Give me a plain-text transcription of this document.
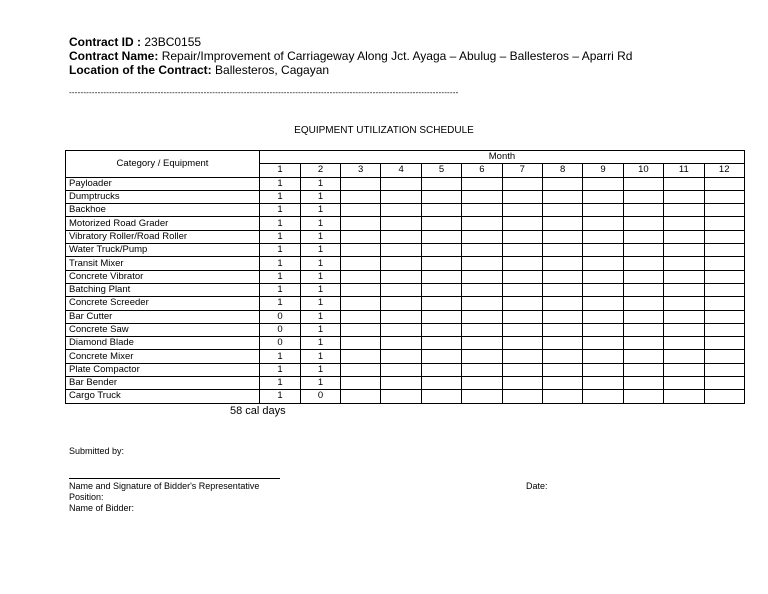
Contract ID : 23BC0155
Contract Name: Repair/Improvement of Carriageway Along Jct. Ayaga – Abulug – Ballesteros – Aparri Rd
Location of the Contract: Ballesteros, Cagayan
----------------------------------------------------------------------------------------------------------------------------------------
EQUIPMENT UTILIZATION SCHEDULE
Category / Equipment	Month											
	1	2	3	4	5	6	7	8	9	10	11	12
Payloader	1	1										
Dumptrucks	1	1										
Backhoe	1	1										
Motorized Road Grader	1	1										
Vibratory Roller/Road Roller	1	1										
Water Truck/Pump	1	1										
Transit Mixer	1	1										
Concrete Vibrator	1	1										
Batching Plant	1	1										
Concrete Screeder	1	1										
Bar Cutter	0	1										
Concrete Saw	0	1										
Diamond Blade	0	1										
Concrete Mixer	1	1										
Plate Compactor	1	1										
Bar Bender	1	1										
Cargo Truck	1	0										
58 cal days
Submitted by:
Name and Signature of Bidder's Representative
Position:
Name of Bidder:
Date:
